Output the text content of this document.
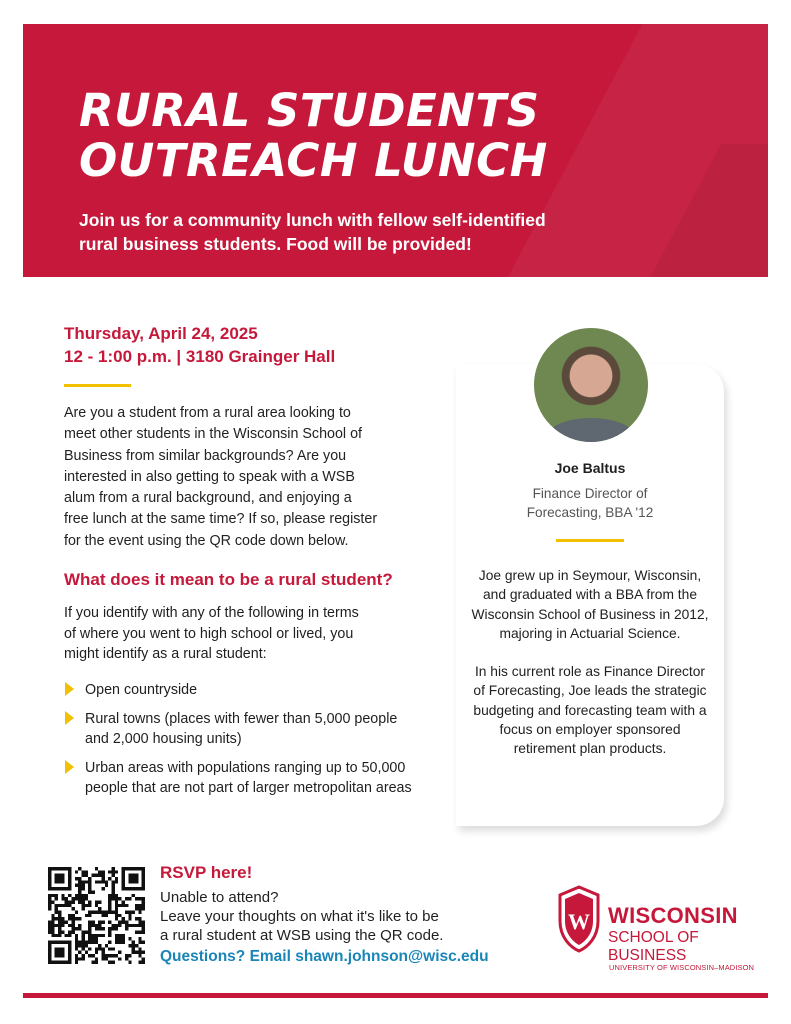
RURAL STUDENTS
OUTREACH LUNCH
Join us for a community lunch with fellow self-identified
rural business students. Food will be provided!
Thursday, April 24, 2025
12 - 1:00 p.m. | 3180 Grainger Hall
Are you a student from a rural area looking to
meet other students in the Wisconsin School of
Business from similar backgrounds? Are you
interested in also getting to speak with a WSB
alum from a rural background, and enjoying a
free lunch at the same time? If so, please register
for the event using the QR code down below.
What does it mean to be a rural student?
If you identify with any of the following in terms
of where you went to high school or lived, you
might identify as a rural student:
Open countryside
Rural towns (places with fewer than 5,000 people and 2,000 housing units)
Urban areas with populations ranging up to 50,000 people that are not part of larger metropolitan areas
Joe Baltus
Finance Director of
Forecasting, BBA '12

Joe grew up in Seymour, Wisconsin, and graduated with a BBA from the Wisconsin School of Business in 2012, majoring in Actuarial Science.

In his current role as Finance Director of Forecasting, Joe leads the strategic budgeting and forecasting team with a focus on employer sponsored retirement plan products.

RSVP here!
Unable to attend?
Leave your thoughts on what it's like to be
a rural student at WSB using the QR code.
Questions? Email shawn.johnson@wisc.edu
W WISCONSIN
SCHOOL OF BUSINESS
UNIVERSITY OF WISCONSIN–MADISON
